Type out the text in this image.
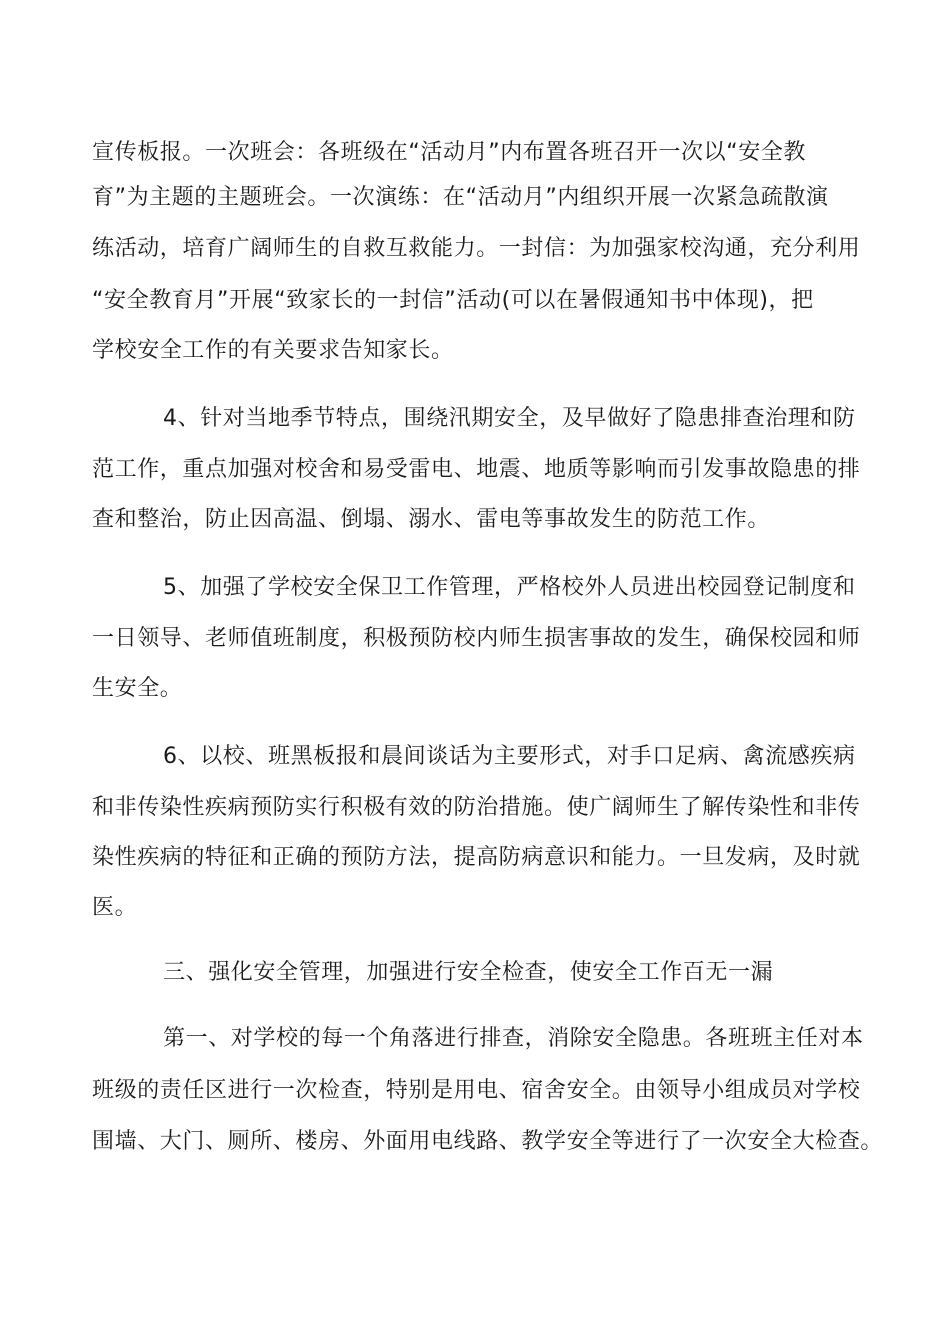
宣传板报。一次班会：各班级在“活动月”内布置各班召开一次以“安全教
育”为主题的主题班会。一次演练：在“活动月”内组织开展一次紧急疏散演
练活动，培育广阔师生的自救互救能力。一封信：为加强家校沟通，充分利用
“安全教育月”开展“致家长的一封信”活动(可以在暑假通知书中体现)，把
学校安全工作的有关要求告知家长。
4、针对当地季节特点，围绕汛期安全，及早做好了隐患排查治理和防
范工作，重点加强对校舍和易受雷电、地震、地质等影响而引发事故隐患的排
查和整治，防止因高温、倒塌、溺水、雷电等事故发生的防范工作。
5、加强了学校安全保卫工作管理，严格校外人员进出校园登记制度和
一日领导、老师值班制度，积极预防校内师生损害事故的发生，确保校园和师
生安全。
6、以校、班黑板报和晨间谈话为主要形式，对手口足病、禽流感疾病
和非传染性疾病预防实行积极有效的防治措施。使广阔师生了解传染性和非传
染性疾病的特征和正确的预防方法，提高防病意识和能力。一旦发病，及时就
医。
三、强化安全管理，加强进行安全检查，使安全工作百无一漏
第一、对学校的每一个角落进行排查，消除安全隐患。各班班主任对本
班级的责任区进行一次检查，特别是用电、宿舍安全。由领导小组成员对学校
围墙、大门、厕所、楼房、外面用电线路、教学安全等进行了一次安全大检查。
